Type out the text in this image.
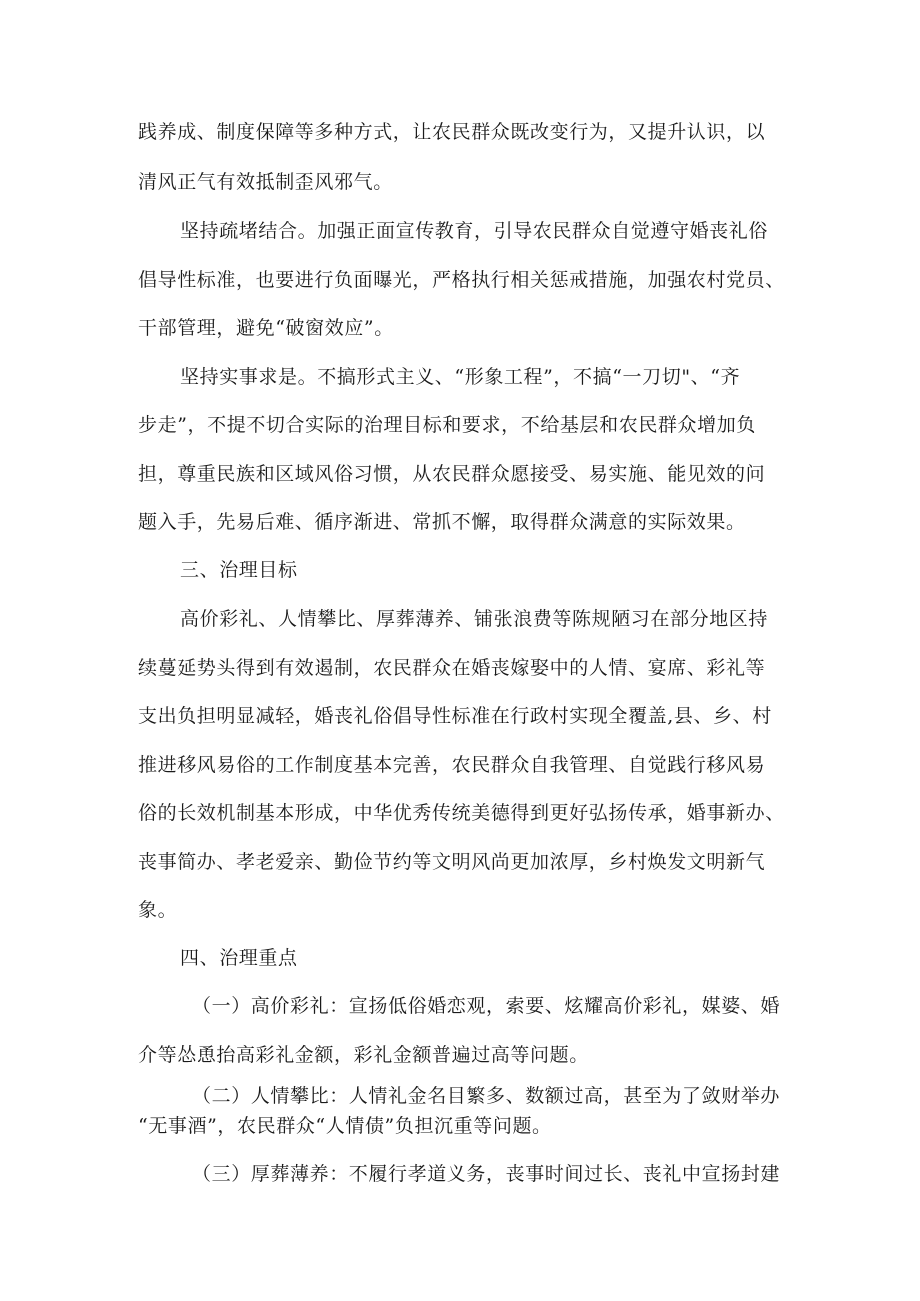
践养成、制度保障等多种方式，让农民群众既改变行为，又提升认识，以
清风正气有效抵制歪风邪气。
坚持疏堵结合。加强正面宣传教育，引导农民群众自觉遵守婚丧礼俗
倡导性标准，也要进行负面曝光，严格执行相关惩戒措施，加强农村党员、
干部管理，避免“破窗效应”。
坚持实事求是。不搞形式主义、“形象工程”，不搞“一刀切"、“齐
步走”，不提不切合实际的治理目标和要求，不给基层和农民群众增加负
担，尊重民族和区域风俗习惯，从农民群众愿接受、易实施、能见效的问
题入手，先易后难、循序渐进、常抓不懈，取得群众满意的实际效果。
三、治理目标
高价彩礼、人情攀比、厚葬薄养、铺张浪费等陈规陋习在部分地区持
续蔓延势头得到有效遏制，农民群众在婚丧嫁娶中的人情、宴席、彩礼等
支出负担明显减轻，婚丧礼俗倡导性标准在行政村实现全覆盖,县、乡、村
推进移风易俗的工作制度基本完善，农民群众自我管理、自觉践行移风易
俗的长效机制基本形成，中华优秀传统美德得到更好弘扬传承，婚事新办、
丧事简办、孝老爱亲、勤俭节约等文明风尚更加浓厚，乡村焕发文明新气
象。
四、治理重点
（一）高价彩礼：宣扬低俗婚恋观，索要、炫耀高价彩礼，媒婆、婚
介等怂恿抬高彩礼金额，彩礼金额普遍过高等问题。
（二）人情攀比：人情礼金名目繁多、数额过高，甚至为了敛财举办
“无事酒”，农民群众“人情债”负担沉重等问题。
（三）厚葬薄养：不履行孝道义务，丧事时间过长、丧礼中宣扬封建
